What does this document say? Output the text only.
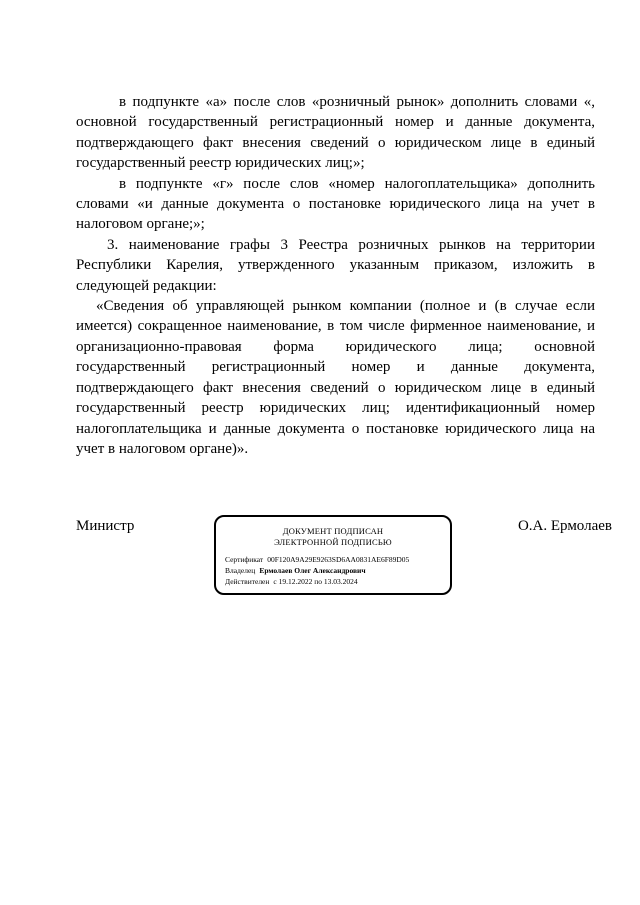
в подпункте «а» после слов «розничный рынок» дополнить словами «, основной государственный регистрационный номер и данные документа, подтверждающего факт внесения сведений о юридическом лице в единый государственный реестр юридических лиц;»;

в подпункте «г» после слов «номер налогоплательщика» дополнить словами «и данные документа о постановке юридического лица на учет в налоговом органе;»;

3. наименование графы 3 Реестра розничных рынков на территории Республики Карелия, утвержденного указанным приказом, изложить в следующей редакции:

«Сведения об управляющей рынком компании (полное и (в случае если имеется) сокращенное наименование, в том числе фирменное наименование, и организационно-правовая форма юридического лица; основной государственный регистрационный номер и данные документа, подтверждающего факт внесения сведений о юридическом лице в единый государственный реестр юридических лиц; идентификационный номер налогоплательщика и данные документа о постановке юридического лица на учет в налоговом органе)».

Министр	ДОКУМЕНТ ПОДПИСАН
ЭЛЕКТРОННОЙ ПОДПИСЬЮ
Сертификат 00F120A9A29E9263SD6AA0831AE6F89D05
Владелец Ермолаев Олег Александрович
Действителен с 19.12.2022 по 13.03.2024

О.А. Ермолаев
